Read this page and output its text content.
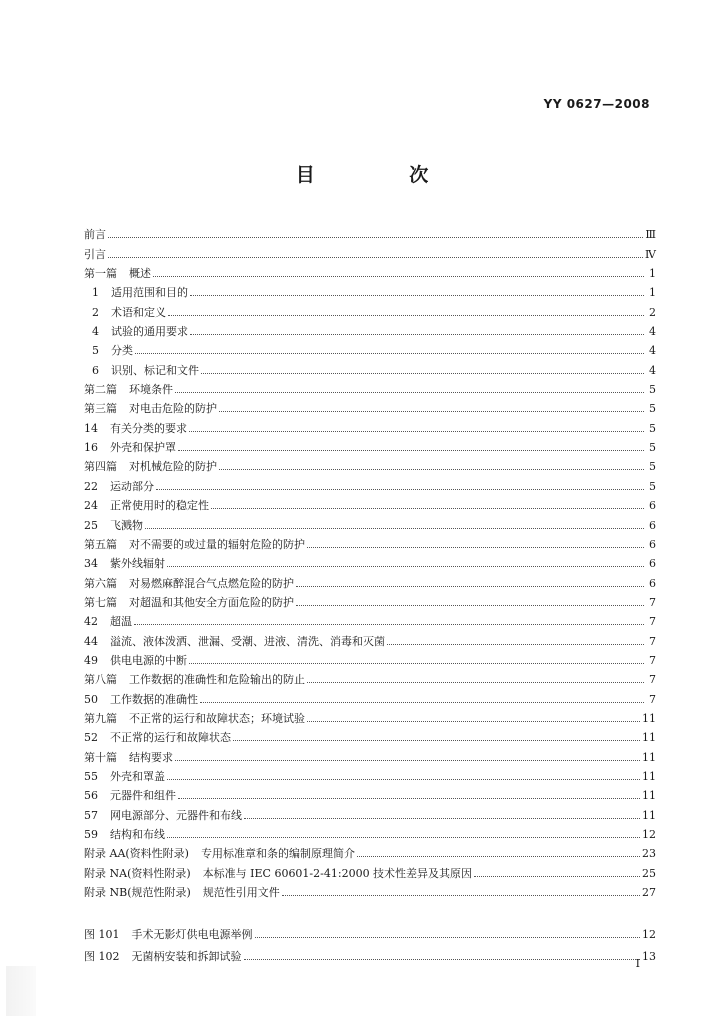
YY 0627—2008
目 次
前言	Ⅲ
引言	Ⅳ
第一篇 概述	1
1 适用范围和目的	1
2 术语和定义	2
4 试验的通用要求	4
5 分类	4
6 识别、标记和文件	4
第二篇 环境条件	5
第三篇 对电击危险的防护	5
14 有关分类的要求	5
16 外壳和保护罩	5
第四篇 对机械危险的防护	5
22 运动部分	5
24 正常使用时的稳定性	6
25 飞溅物	6
第五篇 对不需要的或过量的辐射危险的防护	6
34 紫外线辐射	6
第六篇 对易燃麻醉混合气点燃危险的防护	6
第七篇 对超温和其他安全方面危险的防护	7
42 超温	7
44 溢流、液体泼洒、泄漏、受潮、进液、清洗、消毒和灭菌	7
49 供电电源的中断	7
第八篇 工作数据的准确性和危险输出的防止	7
50 工作数据的准确性	7
第九篇 不正常的运行和故障状态；环境试验	11
52 不正常的运行和故障状态	11
第十篇 结构要求	11
55 外壳和罩盖	11
56 元器件和组件	11
57 网电源部分、元器件和布线	11
59 结构和布线	12
附录 AA(资料性附录) 专用标准章和条的编制原理简介	23
附录 NA(资料性附录) 本标准与 IEC 60601-2-41:2000 技术性差异及其原因	25
附录 NB(规范性附录) 规范性引用文件	27
图 101 手术无影灯供电电源举例	12
图 102 无菌柄安装和拆卸试验	13
I
